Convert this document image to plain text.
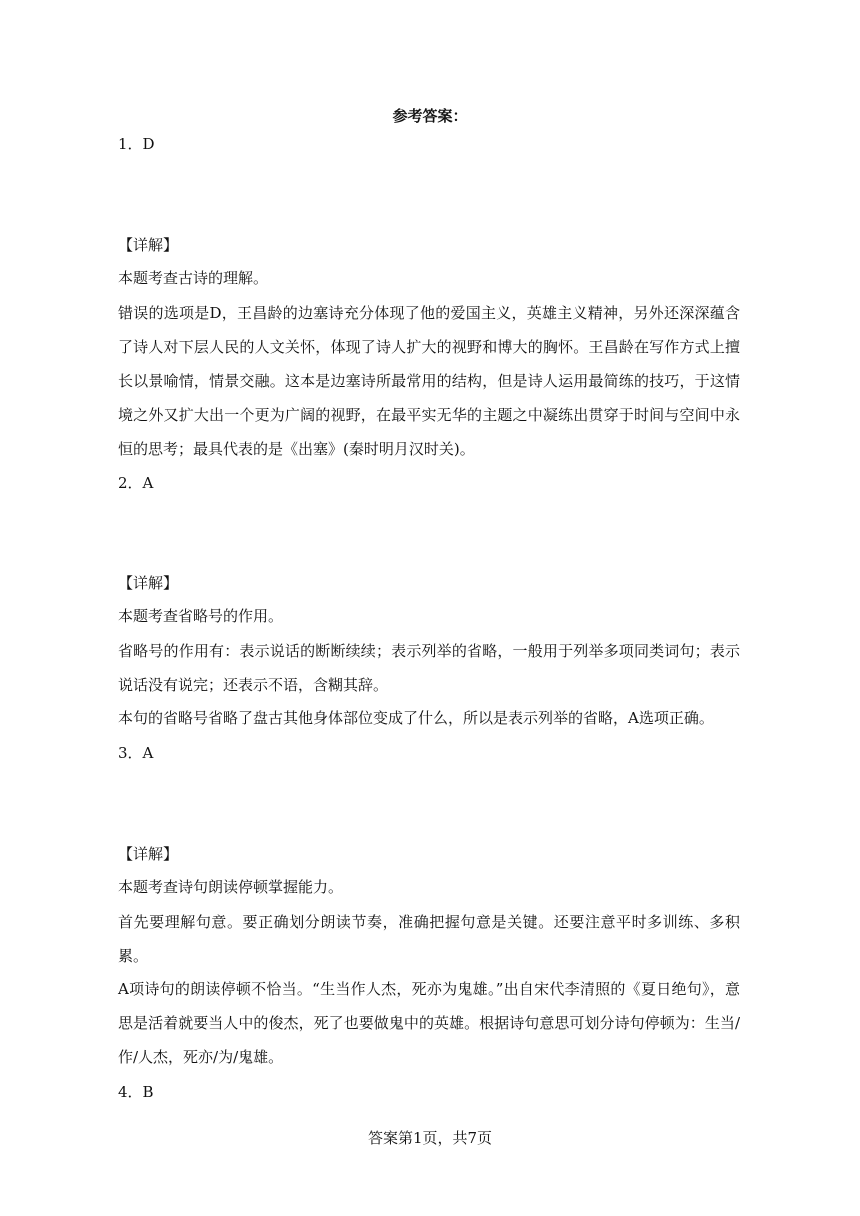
参考答案：
1．D
【详解】
本题考查古诗的理解。
错误的选项是D，王昌龄的边塞诗充分体现了他的爱国主义，英雄主义精神，另外还深深蕴含了诗人对下层人民的人文关怀，体现了诗人扩大的视野和博大的胸怀。王昌龄在写作方式上擅长以景喻情，情景交融。这本是边塞诗所最常用的结构，但是诗人运用最简练的技巧，于这情境之外又扩大出一个更为广阔的视野，在最平实无华的主题之中凝练出贯穿于时间与空间中永恒的思考；最具代表的是《出塞》(秦时明月汉时关)。
2．A
【详解】
本题考查省略号的作用。
省略号的作用有：表示说话的断断续续；表示列举的省略，一般用于列举多项同类词句；表示说话没有说完；还表示不语，含糊其辞。
本句的省略号省略了盘古其他身体部位变成了什么，所以是表示列举的省略，A选项正确。
3．A
【详解】
本题考查诗句朗读停顿掌握能力。
首先要理解句意。要正确划分朗读节奏，准确把握句意是关键。还要注意平时多训练、多积累。
A项诗句的朗读停顿不恰当。“生当作人杰，死亦为鬼雄。”出自宋代李清照的《夏日绝句》，意思是活着就要当人中的俊杰，死了也要做鬼中的英雄。根据诗句意思可划分诗句停顿为：生当/作/人杰，死亦/为/鬼雄。
4．B
答案第1页，共7页
